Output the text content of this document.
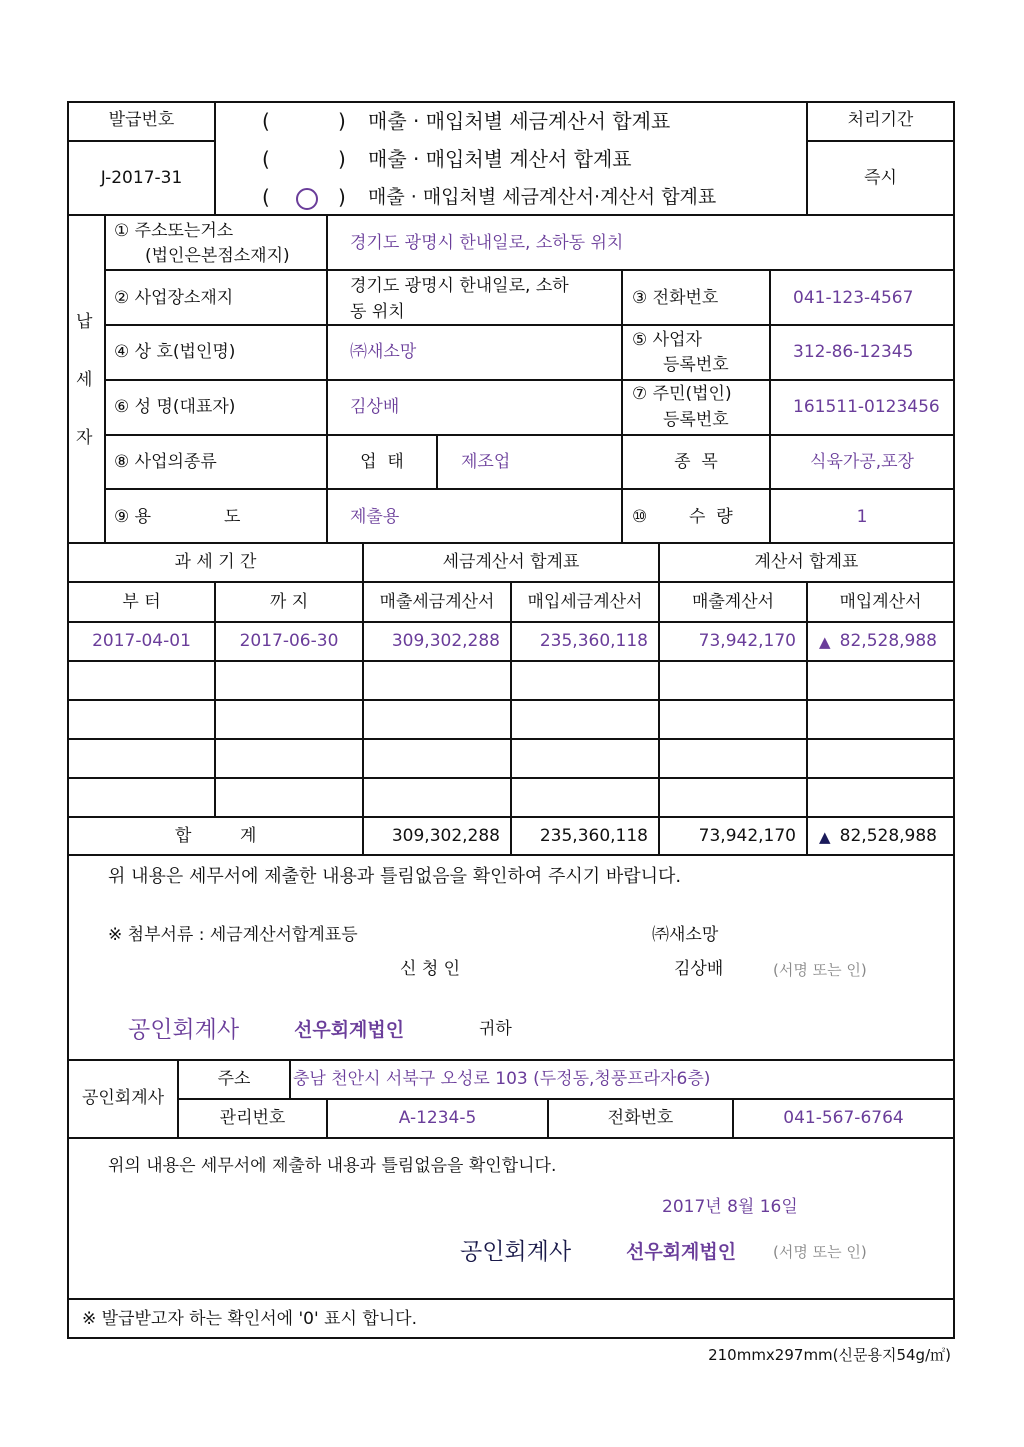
발급번호
J-2017-31
처리기간
즉시
(	) 매출 · 매입처별 세금계산서 합계표
(	) 매출 · 매입처별 계산서 합계표
(	) 매출 · 매입처별 세금계산서·계산서 합계표
납
세
자
① 주소또는거소
(법인은본점소재지)
경기도 광명시 한내일로, 소하동 위치
② 사업장소재지
경기도 광명시 한내일로, 소하
동 위치
③ 전화번호	041-123-4567
④ 상 호(법인명)	㈜새소망
⑤ 사업자
등록번호
312-86-12345
⑥ 성 명(대표자)	김상배
⑦ 주민(법인)
등록번호
161511-0123456
⑧ 사업의종류	업  태	제조업	종  목	식육가공,포장
⑨ 용	도	제출용	⑩ 수  량	1
과 세 기 간	세금계산서 합계표	계산서 합계표
부 터	까 지	매출세금계산서	매입세금계산서	매출계산서	매입계산서
2017-04-01	2017-06-30	309,302,288	235,360,118	73,942,170 ▲ 82,528,988
합	계	309,302,288	235,360,118	73,942,170 ▲ 82,528,988
위 내용은 세무서에 제출한 내용과 틀림없음을 확인하여 주시기 바랍니다.
※ 첨부서류 : 세금계산서합계표등	㈜새소망
신 청 인	김상배	(서명 또는 인)
공인회계사	선우회계법인	귀하
공인회계사
주소	충남 천안시 서북구 오성로 103 (두정동,청풍프라자6층)
관리번호	A-1234-5	전화번호	041-567-6764
위의 내용은 세무서에 제출하 내용과 틀림없음을 확인합니다.
2017년 8월 16일
공인회계사	선우회계법인 (서명 또는 인)
※ 발급받고자 하는 확인서에 '0' 표시 합니다.
210mmx297mm(신문용지54g/㎡)
